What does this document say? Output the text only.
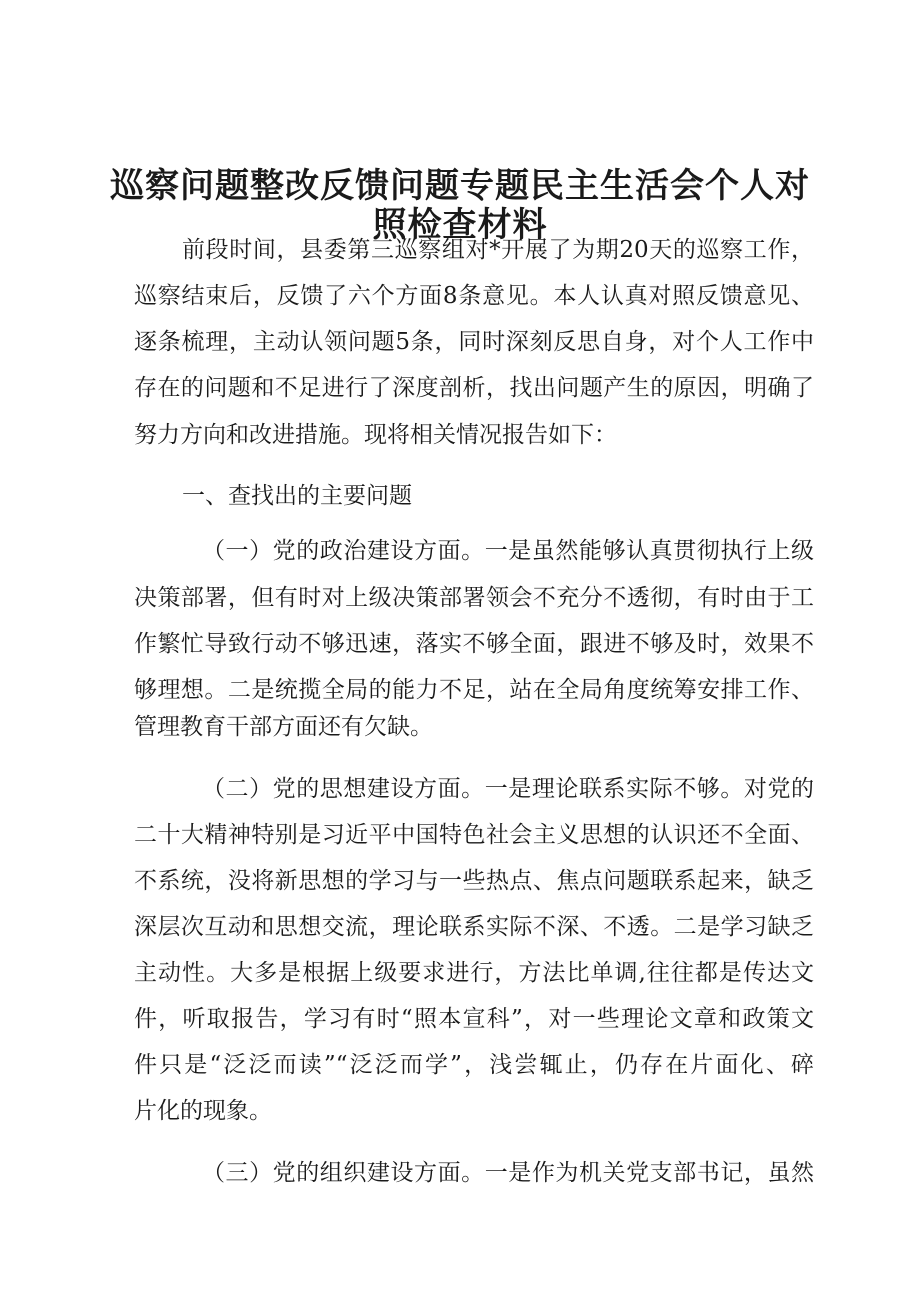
巡察问题整改反馈问题专题民主生活会个人对
照检查材料

前段时间，县委第三巡察组对*开展了为期20天的巡察工作，

巡察结束后，反馈了六个方面8条意见。本人认真对照反馈意见、

逐条梳理，主动认领问题5条，同时深刻反思自身，对个人工作中

存在的问题和不足进行了深度剖析，找出问题产生的原因，明确了

努力方向和改进措施。现将相关情况报告如下：

一、查找出的主要问题

（一）党的政治建设方面。一是虽然能够认真贯彻执行上级

决策部署，但有时对上级决策部署领会不充分不透彻，有时由于工

作繁忙导致行动不够迅速，落实不够全面，跟进不够及时，效果不

够理想。二是统揽全局的能力不足，站在全局角度统筹安排工作、

管理教育干部方面还有欠缺。

（二）党的思想建设方面。一是理论联系实际不够。对党的

二十大精神特别是习近平中国特色社会主义思想的认识还不全面、

不系统，没将新思想的学习与一些热点、焦点问题联系起来，缺乏

深层次互动和思想交流，理论联系实际不深、不透。二是学习缺乏

主动性。大多是根据上级要求进行，方法比单调,往往都是传达文

件，听取报告，学习有时“照本宣科”，对一些理论文章和政策文

件只是“泛泛而读”“泛泛而学”，浅尝辄止，仍存在片面化、碎

片化的现象。

（三）党的组织建设方面。一是作为机关党支部书记，虽然
